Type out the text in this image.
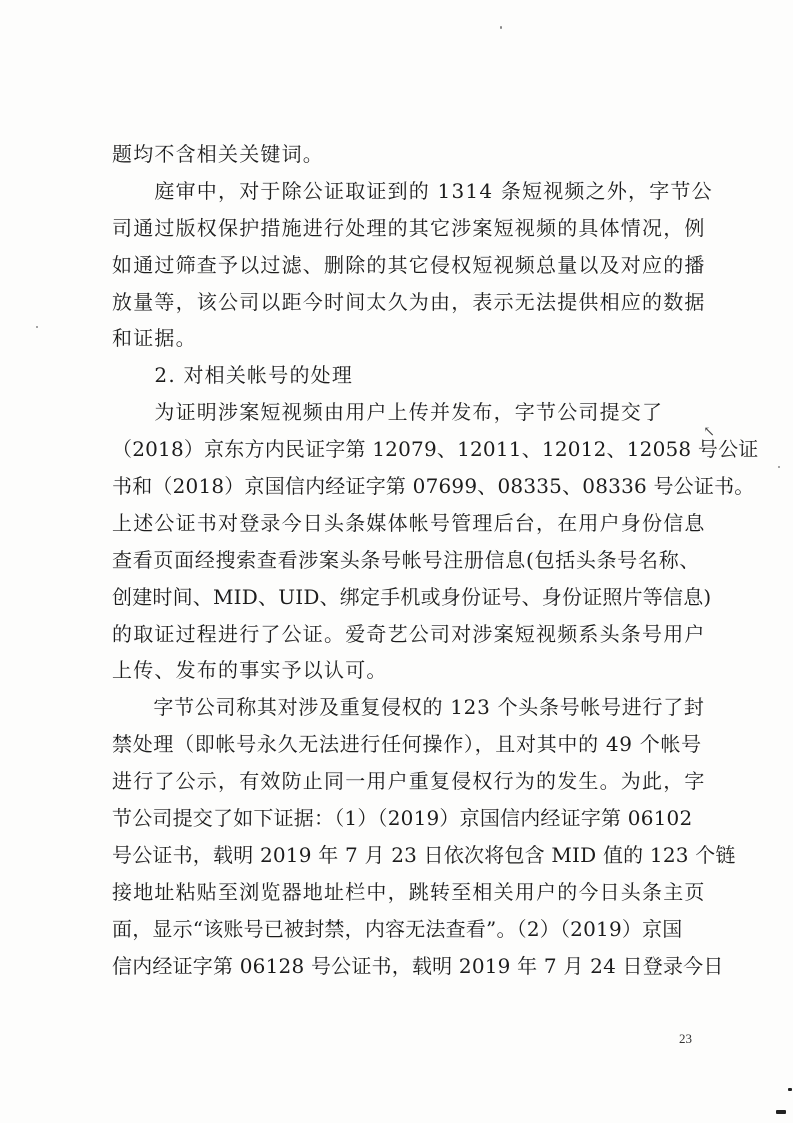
题均不含相关关键词。
　　庭审中，对于除公证取证到的 1314 条短视频之外，字节公
司通过版权保护措施进行处理的其它涉案短视频的具体情况，例
如通过筛查予以过滤、删除的其它侵权短视频总量以及对应的播
放量等，该公司以距今时间太久为由，表示无法提供相应的数据
和证据。
　　2. 对相关帐号的处理
　　为证明涉案短视频由用户上传并发布，字节公司提交了
（2018）京东方内民证字第 12079、12011、12012、12058 号公证
书和（2018）京国信内经证字第 07699、08335、08336 号公证书。
上述公证书对登录今日头条媒体帐号管理后台，在用户身份信息
查看页面经搜索查看涉案头条号帐号注册信息(包括头条号名称、
创建时间、MID、UID、绑定手机或身份证号、身份证照片等信息)
的取证过程进行了公证。爱奇艺公司对涉案短视频系头条号用户
上传、发布的事实予以认可。
　　字节公司称其对涉及重复侵权的 123 个头条号帐号进行了封
禁处理（即帐号永久无法进行任何操作），且对其中的 49 个帐号
进行了公示，有效防止同一用户重复侵权行为的发生。为此，字
节公司提交了如下证据：（1）（2019）京国信内经证字第 06102
号公证书，载明 2019 年 7 月 23 日依次将包含 MID 值的 123 个链
接地址粘贴至浏览器地址栏中，跳转至相关用户的今日头条主页
面，显示“该账号已被封禁，内容无法查看”。（2）（2019）京国
信内经证字第 06128 号公证书，载明 2019 年 7 月 24 日登录今日
↖
23
